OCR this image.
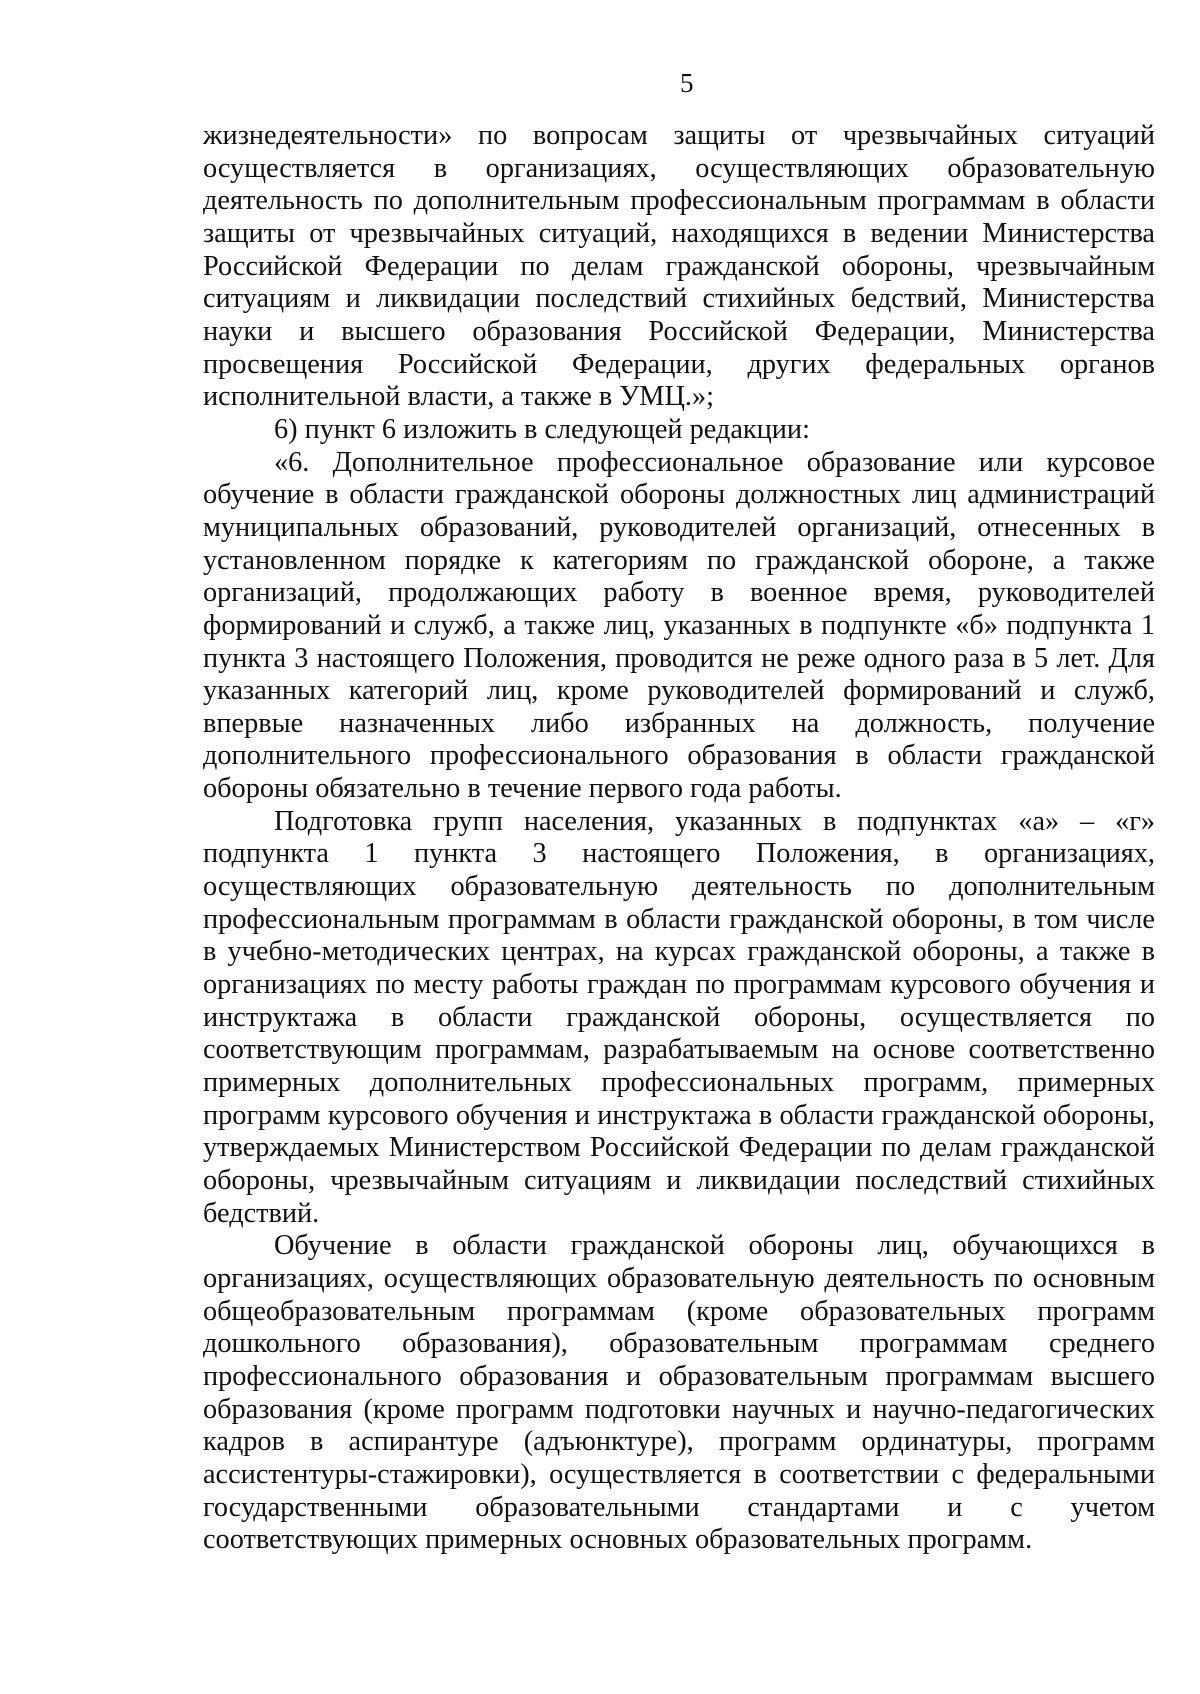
5

жизнедеятельности» по вопросам защиты от чрезвычайных ситуаций осуществляется в организациях, осуществляющих образовательную деятельность по дополнительным профессиональным программам в области защиты от чрезвычайных ситуаций, находящихся в ведении Министерства Российской Федерации по делам гражданской обороны, чрезвычайным ситуациям и ликвидации последствий стихийных бедствий, Министерства науки и высшего образования Российской Федерации, Министерства просвещения Российской Федерации, других федеральных органов исполнительной власти, а также в УМЦ.»;

6) пункт 6 изложить в следующей редакции:

«6. Дополнительное профессиональное образование или курсовое обучение в области гражданской обороны должностных лиц администраций муниципальных образований, руководителей организаций, отнесенных в установленном порядке к категориям по гражданской обороне, а также организаций, продолжающих работу в военное время, руководителей формирований и служб, а также лиц, указанных в подпункте «б» подпункта 1 пункта 3 настоящего Положения, проводится не реже одного раза в 5 лет. Для указанных категорий лиц, кроме руководителей формирований и служб, впервые назначенных либо избранных на должность, получение дополнительного профессионального образования в области гражданской обороны обязательно в течение первого года работы.

Подготовка групп населения, указанных в подпунктах «а» – «г» подпункта 1 пункта 3 настоящего Положения, в организациях, осуществляющих образовательную деятельность по дополнительным профессиональным программам в области гражданской обороны, в том числе в учебно-методических центрах, на курсах гражданской обороны, а также в организациях по месту работы граждан по программам курсового обучения и инструктажа в области гражданской обороны, осуществляется по соответствующим программам, разрабатываемым на основе соответственно примерных дополнительных профессиональных программ, примерных программ курсового обучения и инструктажа в области гражданской обороны, утверждаемых Министерством Российской Федерации по делам гражданской обороны, чрезвычайным ситуациям и ликвидации последствий стихийных бедствий.

Обучение в области гражданской обороны лиц, обучающихся в организациях, осуществляющих образовательную деятельность по основным общеобразовательным программам (кроме образовательных программ дошкольного образования), образовательным программам среднего профессионального образования и образовательным программам высшего образования (кроме программ подготовки научных и научно-педагогических кадров в аспирантуре (адъюнктуре), программ ординатуры, программ ассистентуры-стажировки), осуществляется в соответствии с федеральными государственными образовательными стандартами и с учетом соответствующих примерных основных образовательных программ.
